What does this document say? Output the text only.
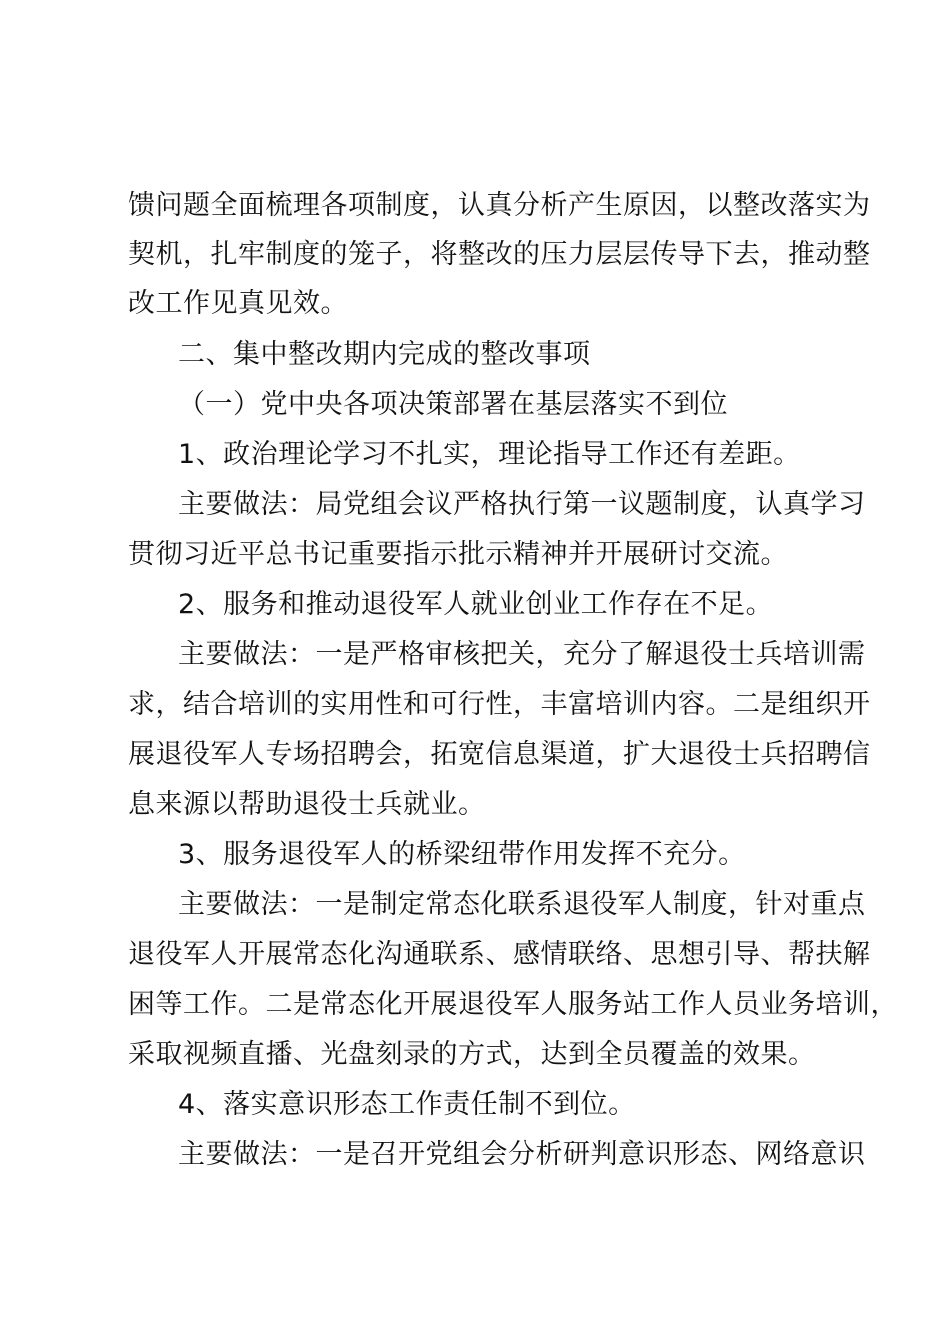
馈问题全面梳理各项制度，认真分析产生原因，以整改落实为
契机，扎牢制度的笼子，将整改的压力层层传导下去，推动整
改工作见真见效。
二、集中整改期内完成的整改事项
（一）党中央各项决策部署在基层落实不到位
1、政治理论学习不扎实，理论指导工作还有差距。
主要做法：局党组会议严格执行第一议题制度，认真学习
贯彻习近平总书记重要指示批示精神并开展研讨交流。
2、服务和推动退役军人就业创业工作存在不足。
主要做法：一是严格审核把关，充分了解退役士兵培训需
求，结合培训的实用性和可行性，丰富培训内容。二是组织开
展退役军人专场招聘会，拓宽信息渠道，扩大退役士兵招聘信
息来源以帮助退役士兵就业。
3、服务退役军人的桥梁纽带作用发挥不充分。
主要做法：一是制定常态化联系退役军人制度，针对重点
退役军人开展常态化沟通联系、感情联络、思想引导、帮扶解
困等工作。二是常态化开展退役军人服务站工作人员业务培训，
采取视频直播、光盘刻录的方式，达到全员覆盖的效果。
4、落实意识形态工作责任制不到位。
主要做法：一是召开党组会分析研判意识形态、网络意识
